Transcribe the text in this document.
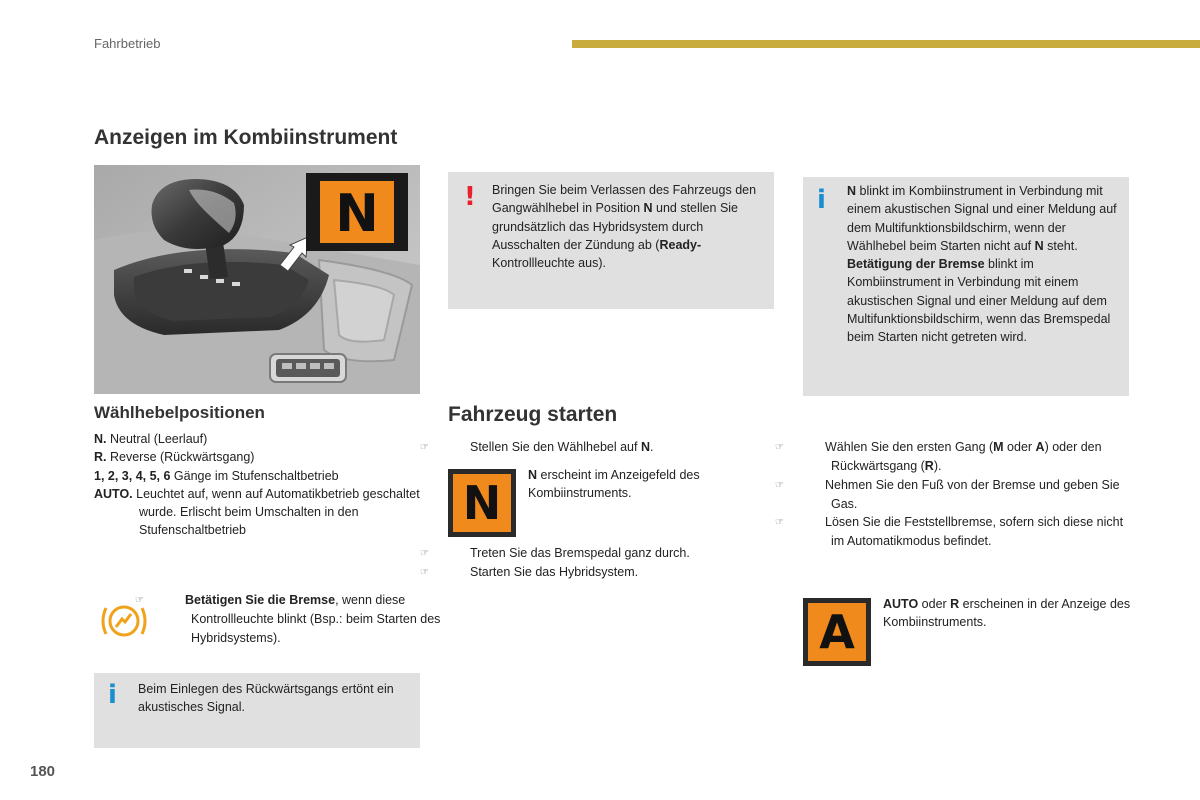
Fahrbetrieb
Anzeigen im Kombiinstrument
N
Wählhebelpositionen
N. Neutral (Leerlauf)
R. Reverse (Rückwärtsgang)
1, 2, 3, 4, 5, 6 Gänge im Stufenschaltbetrieb
AUTO. Leuchtet auf, wenn auf Automatikbetrieb geschaltet wurde. Erlischt beim Umschalten in den Stufenschaltbetrieb
☞	Betätigen Sie die Bremse, wenn diese Kontrollleuchte blinkt (Bsp.: beim Starten des Hybridsystems).
i Beim Einlegen des Rückwärtsgangs ertönt ein akustisches Signal.
! Bringen Sie beim Verlassen des Fahrzeugs den Gangwählhebel in Position N und stellen Sie grundsätzlich das Hybridsystem durch Ausschalten der Zündung ab (Ready-Kontrollleuchte aus).
i N blinkt im Kombiinstrument in Verbindung mit einem akustischen Signal und einer Meldung auf dem Multifunktionsbildschirm, wenn der Wählhebel beim Starten nicht auf N steht.
Betätigung der Bremse blinkt im Kombiinstrument in Verbindung mit einem akustischen Signal und einer Meldung auf dem Multifunktionsbildschirm, wenn das Bremspedal beim Starten nicht getreten wird.
Fahrzeug starten
☞	Stellen Sie den Wählhebel auf N.
N
N erscheint im Anzeigefeld des Kombiinstruments.
☞	Treten Sie das Bremspedal ganz durch.
☞	Starten Sie das Hybridsystem.
☞	Wählen Sie den ersten Gang (M oder A) oder den Rückwärtsgang (R).
☞	Nehmen Sie den Fuß von der Bremse und geben Sie Gas.
☞	Lösen Sie die Feststellbremse, sofern sich diese nicht im Automatikmodus befindet.
A
AUTO oder R erscheinen in der Anzeige des Kombiinstruments.
180
